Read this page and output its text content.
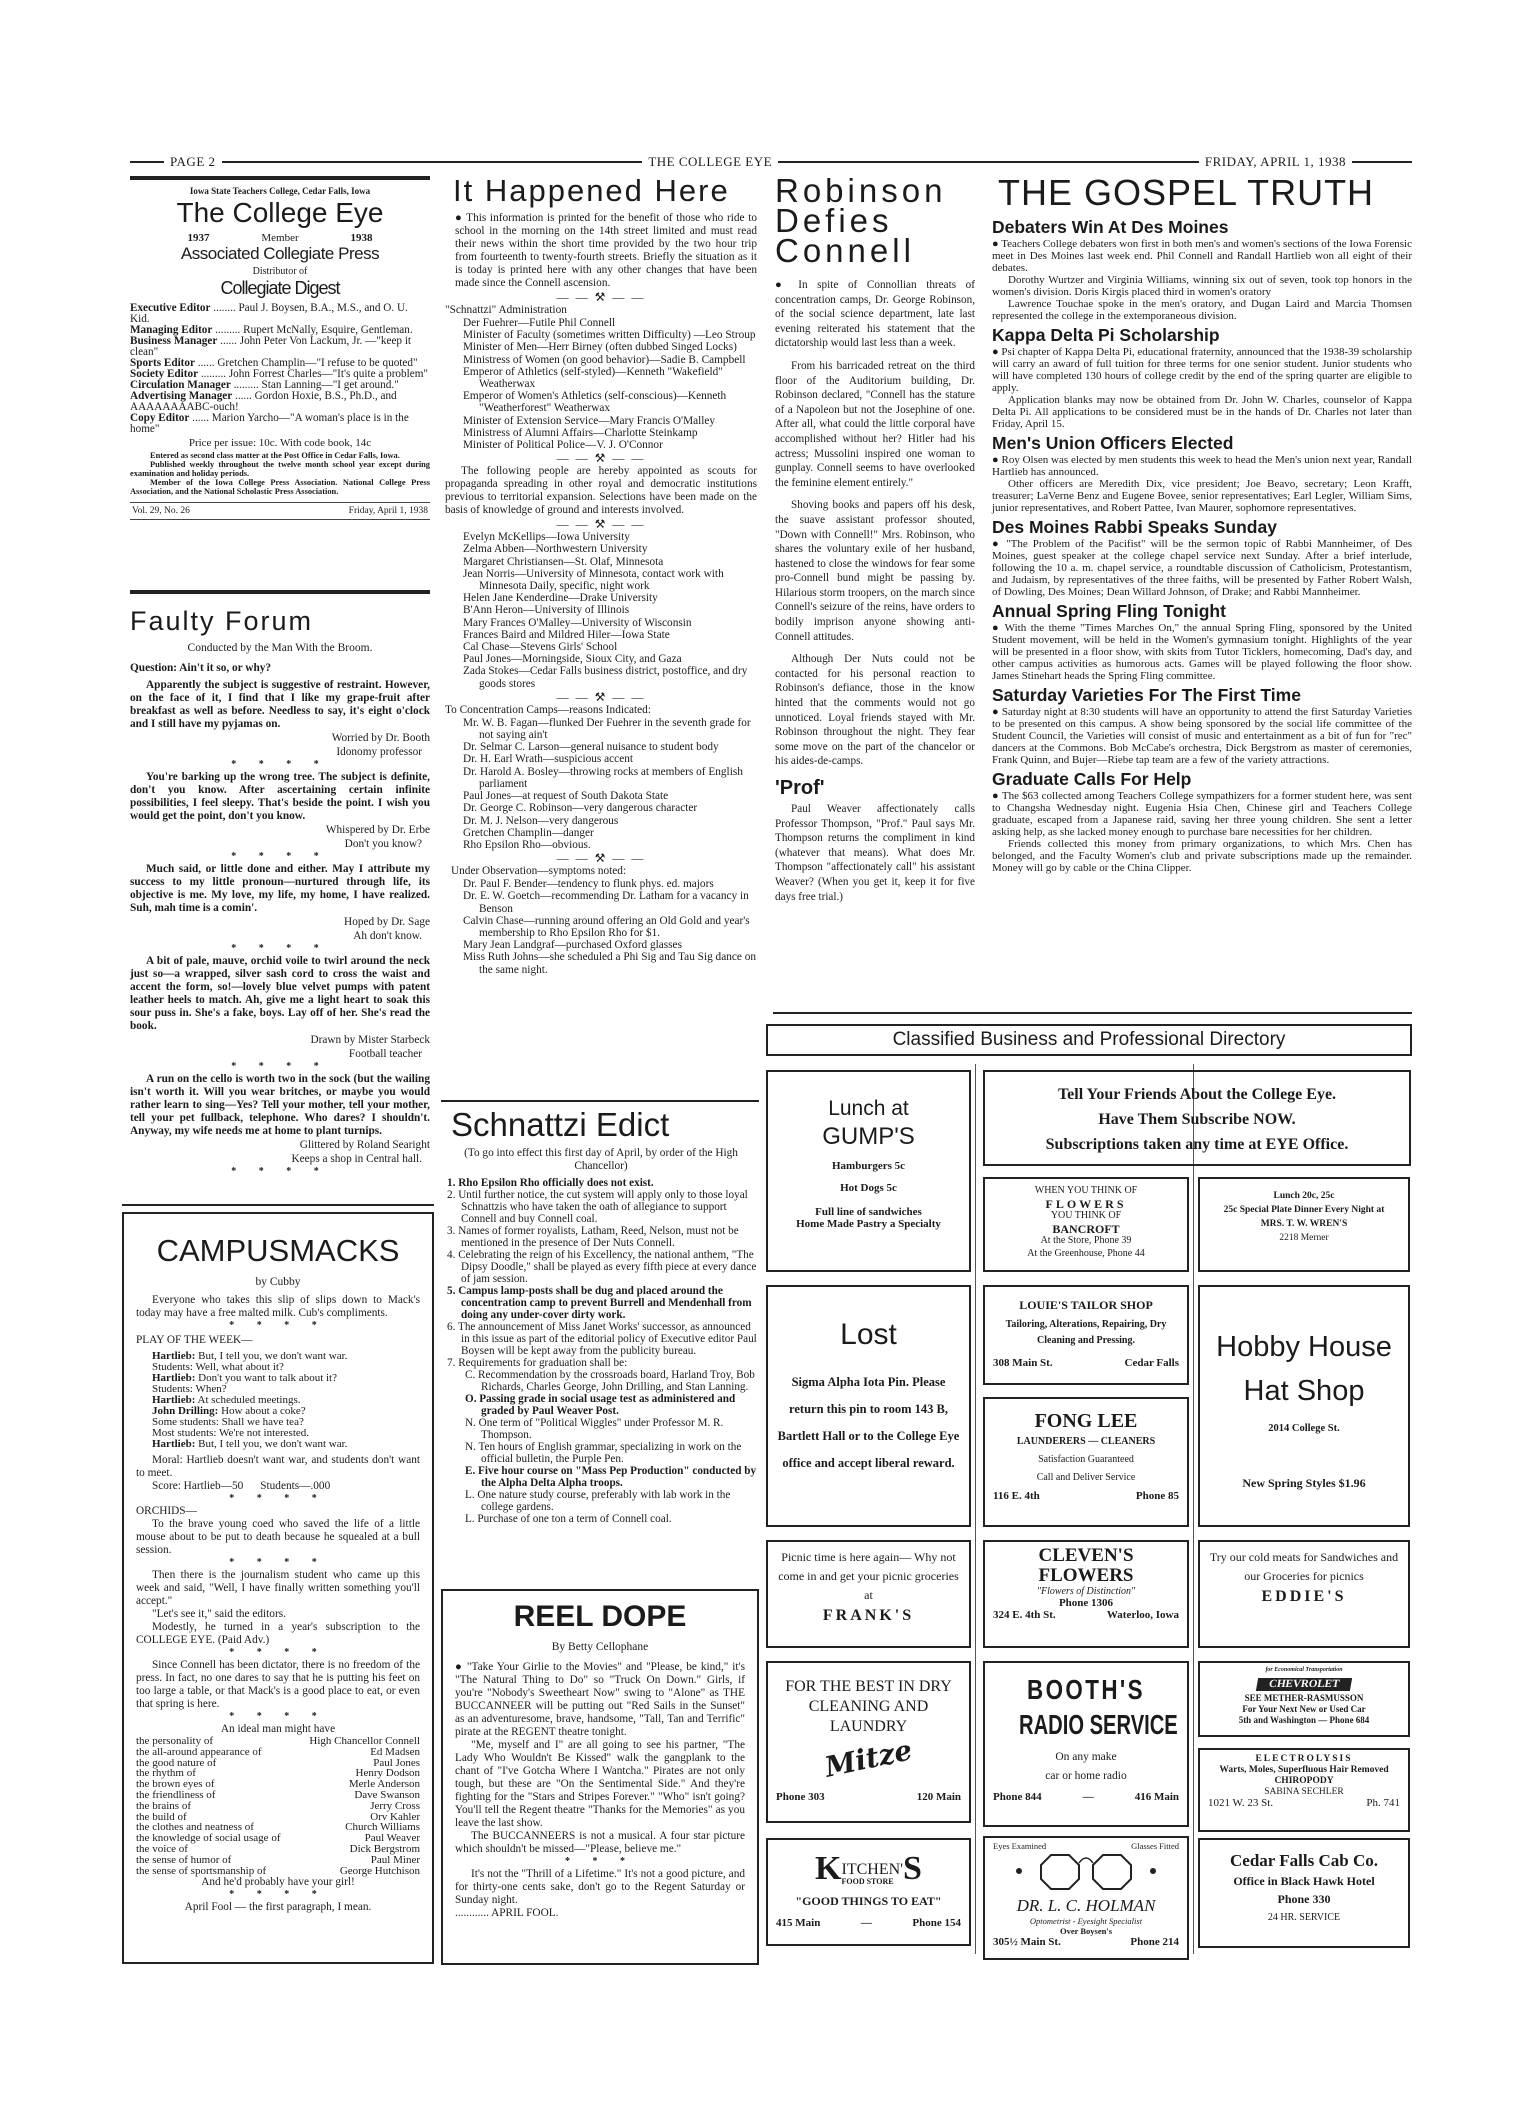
PAGE 2	THE COLLEGE EYE	FRIDAY, APRIL 1, 1938
Iowa State Teachers College, Cedar Falls, Iowa
The College Eye
1937	Member	1938
Associated Collegiate Press
Distributor of
Collegiate Digest
Executive Editor ........ Paul J. Boysen, B.A., M.S., and O. U. Kid.
Managing Editor ......... Rupert McNally, Esquire, Gentleman.
Business Manager ...... John Peter Von Lackum, Jr. —"keep it clean"
Sports Editor ...... Gretchen Champlin—"I refuse to be quoted"
Society Editor ......... John Forrest Charles—"It's quite a problem"
Circulation Manager ......... Stan Lanning—"I get around."
Advertising Manager ...... Gordon Hoxie, B.S., Ph.D., and AAAAAAAABC-ouch!
Copy Editor ...... Marion Yarcho—"A woman's place is in the home"
Price per issue: 10c. With code book, 14c
Entered as second class matter at the Post Office in Cedar Falls, Iowa.
Published weekly throughout the twelve month school year except during examination and holiday periods.
Member of the Iowa College Press Association. National College Press Association, and the National Scholastic Press Association.
Vol. 29, No. 26	Friday, April 1, 1938
Faulty Forum
Conducted by the Man With the Broom.

Question: Ain't it so, or why?

Apparently the subject is suggestive of restraint. However, on the face of it, I find that I like my grape-fruit after breakfast as well as before. Needless to say, it's eight o'clock and I still have my pyjamas on.

Worried by Dr. Booth
Idonomy professor
* * * *

You're barking up the wrong tree. The subject is definite, don't you know. After ascertaining certain infinite possibilities, I feel sleepy. That's beside the point. I wish you would get the point, don't you know.

Whispered by Dr. Erbe
Don't you know?
* * * *

Much said, or little done and either. May I attribute my success to my little pronoun—nurtured through life, its objective is me. My love, my life, my home, I have realized. Suh, mah time is a comin'.

Hoped by Dr. Sage
Ah don't know.
* * * *

A bit of pale, mauve, orchid voile to twirl around the neck just so—a wrapped, silver sash cord to cross the waist and accent the form, so!—lovely blue velvet pumps with patent leather heels to match. Ah, give me a light heart to soak this sour puss in. She's a fake, boys. Lay off of her. She's read the book.

Drawn by Mister Starbeck
Football teacher
* * * *

A run on the cello is worth two in the sock (but the wailing isn't worth it. Will you wear britches, or maybe you would rather learn to sing—Yes? Tell your mother, tell your mother, tell your pet fullback, telephone. Who dares? I shouldn't. Anyway, my wife needs me at home to plant turnips.

Glittered by Roland Searight
Keeps a shop in Central hall.
* * * *
CAMPUSMACKS
by Cubby

Everyone who takes this slip of slips down to Mack's today may have a free malted milk. Cub's compliments.

* * * *

PLAY OF THE WEEK—

Hartlieb: But, I tell you, we don't want war.
Students: Well, what about it?
Hartlieb: Don't you want to talk about it?
Students: When?
Hartlieb: At scheduled meetings.
John Drilling: How about a coke?
Some students: Shall we have tea?
Most students: We're not interested.
Hartlieb: But, I tell you, we don't want war.

Moral: Hartlieb doesn't want war, and students don't want to meet.

Score: Hartlieb—50      Students—.000

* * * *

ORCHIDS—

To the brave young coed who saved the life of a little mouse about to be put to death because he squealed at a bull session.

* * * *

Then there is the journalism student who came up this week and said, "Well, I have finally written something you'll accept."

"Let's see it," said the editors.

Modestly, he turned in a year's subscription to the COLLEGE EYE. (Paid Adv.)

* * * *

Since Connell has been dictator, there is no freedom of the press. In fact, no one dares to say that he is putting his feet on too large a table, or that Mack's is a good place to eat, or even that spring is here.

* * * *

An ideal man might have

the personality of	High Chancellor Connell
the all-around appearance of	Ed Madsen
the good nature of	Paul Jones
the rhythm of	Henry Dodson
the brown eyes of	Merle Anderson
the friendliness of	Dave Swanson
the brains of	Jerry Cross
the build of	Orv Kahler
the clothes and neatness of	Church Williams
the knowledge of social usage of	Paul Weaver
the voice of	Dick Bergstrom
the sense of humor of	Paul Miner
the sense of sportsmanship of	George Hutchison

And he'd probably have your girl!

* * * *

April Fool — the first paragraph, I mean.

It Happened Here

● This information is printed for the benefit of those who ride to school in the morning on the 14th street limited and must read their news within the short time provided by the two hour trip from fourteenth to twenty-fourth streets. Briefly the situation as it is today is printed here with any other changes that have been made since the Connell ascension.

— — ⚒ — —
"Schnattzi" Administration
Der Fuehrer—Futile Phil Connell
Minister of Faculty (sometimes written Difficulty) —Leo Stroup
Minister of Men—Herr Birney (often dubbed Singed Locks)
Ministress of Women (on good behavior)—Sadie B. Campbell
Emperor of Athletics (self-styled)—Kenneth "Wakefield" Weatherwax
Emperor of Women's Athletics (self-conscious)—Kenneth "Weatherforest" Weatherwax
Minister of Extension Service—Mary Francis O'Malley
Ministress of Alumni Affairs—Charlotte Steinkamp
Minister of Political Police—V. J. O'Connor
— — ⚒ — —

The following people are hereby appointed as scouts for propaganda spreading in other royal and democratic institutions previous to territorial expansion. Selections have been made on the basis of knowledge of ground and interests involved.

— — ⚒ — —
Evelyn McKellips—Iowa University
Zelma Abben—Northwestern University
Margaret Christiansen—St. Olaf, Minnesota
Jean Norris—University of Minnesota, contact work with Minnesota Daily, specific, night work
Helen Jane Kenderdine—Drake University
B'Ann Heron—University of Illinois
Mary Frances O'Malley—University of Wisconsin
Frances Baird and Mildred Hiler—Iowa State
Cal Chase—Stevens Girls' School
Paul Jones—Morningside, Sioux City, and Gaza
Zada Stokes—Cedar Falls business district, postoffice, and dry goods stores
— — ⚒ — —
To Concentration Camps—reasons Indicated:
Mr. W. B. Fagan—flunked Der Fuehrer in the seventh grade for not saying ain't
Dr. Selmar C. Larson—general nuisance to student body
Dr. H. Earl Wrath—suspicious accent
Dr. Harold A. Bosley—throwing rocks at members of English parliament
Paul Jones—at request of South Dakota State
Dr. George C. Robinson—very dangerous character
Dr. M. J. Nelson—very dangerous
Gretchen Champlin—danger
Rho Epsilon Rho—obvious.
— — ⚒ — —
Under Observation—symptoms noted:
Dr. Paul F. Bender—tendency to flunk phys. ed. majors
Dr. E. W. Goetch—recommending Dr. Latham for a vacancy in Benson
Calvin Chase—running around offering an Old Gold and year's membership to Rho Epsilon Rho for $1.
Mary Jean Landgraf—purchased Oxford glasses
Miss Ruth Johns—she scheduled a Phi Sig and Tau Sig dance on the same night.
Schnattzi Edict

(To go into effect this first day of April, by order of the High Chancellor)

1. Rho Epsilon Rho officially does not exist.
2. Until further notice, the cut system will apply only to those loyal Schnattzis who have taken the oath of allegiance to support Connell and buy Connell coal.
3. Names of former royalists, Latham, Reed, Nelson, must not be mentioned in the presence of Der Nuts Connell.
4. Celebrating the reign of his Excellency, the national anthem, "The Dipsy Doodle," shall be played as every fifth piece at every dance of jam session.
5. Campus lamp-posts shall be dug and placed around the concentration camp to prevent Burrell and Mendenhall from doing any under-cover dirty work.
6. The announcement of Miss Janet Works' successor, as announced in this issue as part of the editorial policy of Executive editor Paul Boysen will be kept away from the publicity bureau.
7. Requirements for graduation shall be:
C. Recommendation by the crossroads board, Harland Troy, Bob Richards, Charles George, John Drilling, and Stan Lanning.
O. Passing grade in social usage test as administered and graded by Paul Weaver Post.
N. One term of "Political Wiggles" under Professor M. R. Thompson.
N. Ten hours of English grammar, specializing in work on the official bulletin, the Purple Pen.
E. Five hour course on "Mass Pep Production" conducted by the Alpha Delta Alpha troops.
L. One nature study course, preferably with lab work in the college gardens.
L. Purchase of one ton a term of Connell coal.
REEL DOPE
By Betty Cellophane

● "Take Your Girlie to the Movies" and "Please, be kind," it's "The Natural Thing to Do" so "Truck On Down." Girls, if you're "Nobody's Sweetheart Now" swing to "Alone" as THE BUCCANNEER will be putting out "Red Sails in the Sunset" as an adventuresome, brave, handsome, "Tall, Tan and Terrific" pirate at the REGENT theatre tonight.

"Me, myself and I" are all going to see his partner, "The Lady Who Wouldn't Be Kissed" walk the gangplank to the chant of "I've Gotcha Where I Wantcha." Pirates are not only tough, but these are "On the Sentimental Side." And they're fighting for the "Stars and Stripes Forever." "Who" isn't going? You'll tell the Regent theatre "Thanks for the Memories" as you leave the last show.

The BUCCANNEERS is not a musical. A four star picture which shouldn't be missed—"Please, believe me."

* * *

It's not the "Thrill of a Lifetime." It's not a good picture, and for thirty-one cents sake, don't go to the Regent Saturday or Sunday night.

............ APRIL FOOL.

Robinson
Defies
Connell

● In spite of Connollian threats of concentration camps, Dr. George Robinson, of the social science department, late last evening reiterated his statement that the dictatorship would last less than a week.

From his barricaded retreat on the third floor of the Auditorium building, Dr. Robinson declared, "Connell has the stature of a Napoleon but not the Josephine of one. After all, what could the little corporal have accomplished without her? Hitler had his actress; Mussolini inspired one woman to gunplay. Connell seems to have overlooked the feminine element entirely."

Shoving books and papers off his desk, the suave assistant professor shouted, "Down with Connell!" Mrs. Robinson, who shares the voluntary exile of her husband, hastened to close the windows for fear some pro-Connell bund might be passing by. Hilarious storm troopers, on the march since Connell's seizure of the reins, have orders to bodily imprison anyone showing anti-Connell attitudes.

Although Der Nuts could not be contacted for his personal reaction to Robinson's defiance, those in the know hinted that the comments would not go unnoticed. Loyal friends stayed with Mr. Robinson throughout the night. They fear some move on the part of the chancelor or his aides-de-camps.

'Prof'

Paul Weaver affectionately calls Professor Thompson, "Prof." Paul says Mr. Thompson returns the compliment in kind (whatever that means). What does Mr. Thompson "affectionately call" his assistant Weaver? (When you get it, keep it for five days free trial.)

THE GOSPEL TRUTH
Debaters Win At Des Moines

● Teachers College debaters won first in both men's and women's sections of the Iowa Forensic meet in Des Moines last week end. Phil Connell and Randall Hartlieb won all eight of their debates.

Dorothy Wurtzer and Virginia Williams, winning six out of seven, took top honors in the women's division. Doris Kirgis placed third in women's oratory

Lawrence Touchae spoke in the men's oratory, and Dugan Laird and Marcia Thomsen represented the college in the extemporaneous division.

Kappa Delta Pi Scholarship

● Psi chapter of Kappa Delta Pi, educational fraternity, announced that the 1938-39 scholarship will carry an award of full tuition for three terms for one senior student. Junior students who will have completed 130 hours of college credit by the end of the spring quarter are eligible to apply.

Application blanks may now be obtained from Dr. John W. Charles, counselor of Kappa Delta Pi. All applications to be considered must be in the hands of Dr. Charles not later than Friday, April 15.

Men's Union Officers Elected

● Roy Olsen was elected by men students this week to head the Men's union next year, Randall Hartlieb has announced.

Other officers are Meredith Dix, vice president; Joe Beavo, secretary; Leon Krafft, treasurer; LaVerne Benz and Eugene Bovee, senior representatives; Earl Legler, William Sims, junior representatives, and Robert Pattee, Ivan Maurer, sophomore representatives.

Des Moines Rabbi Speaks Sunday

● "The Problem of the Pacifist" will be the sermon topic of Rabbi Mannheimer, of Des Moines, guest speaker at the college chapel service next Sunday. After a brief interlude, following the 10 a. m. chapel service, a roundtable discussion of Catholicism, Protestantism, and Judaism, by representatives of the three faiths, will be presented by Father Robert Walsh, of Dowling, Des Moines; Dean Willard Johnson, of Drake; and Rabbi Mannheimer.

Annual Spring Fling Tonight

● With the theme "Times Marches On," the annual Spring Fling, sponsored by the United Student movement, will be held in the Women's gymnasium tonight. Highlights of the year will be presented in a floor show, with skits from Tutor Ticklers, homecoming, Dad's day, and other campus activities as humorous acts. Games will be played following the floor show. James Stinehart heads the Spring Fling committee.

Saturday Varieties For The First Time

● Saturday night at 8:30 students will have an opportunity to attend the first Saturday Varieties to be presented on this campus. A show being sponsored by the social life committee of the Student Council, the Varieties will consist of music and entertainment as a bit of fun for "rec" dancers at the Commons. Bob McCabe's orchestra, Dick Bergstrom as master of ceremonies, Frank Quinn, and Bujer—Riebe tap team are a few of the variety attractions.

Graduate Calls For Help

● The $63 collected among Teachers College sympathizers for a former student here, was sent to Changsha Wednesday night. Eugenia Hsia Chen, Chinese girl and Teachers College graduate, escaped from a Japanese raid, saving her three young children. She sent a letter asking help, as she lacked money enough to purchase bare necessities for her children.

Friends collected this money from primary organizations, to which Mrs. Chen has belonged, and the Faculty Women's club and private subscriptions made up the remainder. Money will go by cable or the China Clipper.

Classified Business and Professional Directory
Lunch at
GUMP'S
Hamburgers 5c
Hot Dogs 5c
Full line of sandwiches
Home Made Pastry a Specialty
Tell Your Friends About the College Eye.
Have Them Subscribe NOW.
Subscriptions taken any time at EYE Office.
WHEN YOU THINK OF
FLOWERS
YOU THINK OF
BANCROFT
At the Store, Phone 39
At the Greenhouse, Phone 44
Lunch 20c, 25c
25c Special Plate Dinner Every Night at
MRS. T. W. WREN'S
2218 Merner
Lost
Sigma Alpha Iota Pin. Please return this pin to room 143 B, Bartlett Hall or to the College Eye office and accept liberal reward.
LOUIE'S TAILOR SHOP
Tailoring, Alterations, Repairing, Dry Cleaning and Pressing.
308 Main St.	Cedar Falls
FONG LEE
LAUNDERERS — CLEANERS
Satisfaction Guaranteed
Call and Deliver Service
116 E. 4th	Phone 85
Hobby House
Hat Shop
2014 College St.
New Spring Styles $1.96
Picnic time is here again— Why not come in and get your picnic groceries at
FRANK'S
CLEVEN'S
FLOWERS
"Flowers of Distinction"
Phone 1306
324 E. 4th St.	Waterloo, Iowa
Try our cold meats for Sandwiches and our Groceries for picnics
EDDIE'S
FOR THE BEST IN DRY CLEANING AND LAUNDRY
Mitze
Phone 303	120 Main
BOOTH'S
RADIO SERVICE
On any make
car or home radio
Phone 844	—	416 Main
for Economical Transportation
CHEVROLET
SEE METHER-RASMUSSON
For Your Next New or Used Car
5th and Washington — Phone 684
ELECTROLYSIS
Warts, Moles, Superfluous Hair Removed
CHIROPODY
SABINA SECHLER
1021 W. 23 St.	Ph. 741
K ITCHEN'
FOOD STORE S
"GOOD THINGS TO EAT"
415 Main	—	Phone 154
Eyes Examined	Glasses Fitted
DR. L. C. HOLMAN
Optometrist - Eyesight Specialist
Over Boysen's
305½ Main St.	Phone 214
Cedar Falls Cab Co.
Office in Black Hawk Hotel
Phone 330
24 HR. SERVICE
